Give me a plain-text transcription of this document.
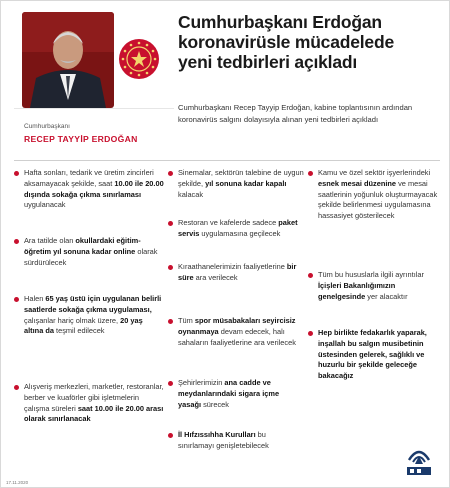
Cumhurbaşkanı Erdoğan
koronavirüsle mücadelede
yeni tedbirleri açıkladı
Cumhurbaşkanı Recep Tayyip Erdoğan, kabine toplantısının ardından koronavirüs salgını dolayısıyla alınan yeni tedbirleri açıkladı
Cumhurbaşkanı
RECEP TAYYİP ERDOĞAN
Hafta sonları, tedarik ve üretim zincirleri aksamayacak şekilde, saat 10.00 ile 20.00 dışında sokağa çıkma sınırlaması uygulanacak
Ara tatilde olan okullardaki eğitim-öğretim yıl sonuna kadar online olarak sürdürülecek
Halen 65 yaş üstü için uygulanan belirli saatlerde sokağa çıkma uygulaması, çalışanlar hariç olmak üzere, 20 yaş altına da teşmil edilecek
Alışveriş merkezleri, marketler, restoranlar, berber ve kuaförler gibi işletmelerin çalışma süreleri saat 10.00 ile 20.00 arası olarak sınırlanacak
Sinemalar, sektörün talebine de uygun şekilde, yıl sonuna kadar kapalı kalacak
Restoran ve kafelerde sadece paket servis uygulamasına geçilecek
Kıraathanelerimizin faaliyetlerine bir süre ara verilecek
Tüm spor müsabakaları seyircisiz oynanmaya devam edecek, halı sahaların faaliyetlerine ara verilecek
Şehirlerimizin ana cadde ve meydanlarındaki sigara içme yasağı sürecek
İl Hıfzıssıhha Kurulları bu sınırlamayı genişletebilecek
Kamu ve özel sektör işyerlerindeki esnek mesai düzenine ve mesai saatlerinin yoğunluk oluşturmayacak şekilde belirlenmesi uygulamasına hassasiyet gösterilecek
Tüm bu hususlarla ilgili ayrıntılar İçişleri Bakanlığımızın genelgesinde yer alacaktır
Hep birlikte fedakarlık yaparak, inşallah bu salgın musibetinin üstesinden gelerek, sağlıklı ve huzurlu bir şekilde geleceğe bakacağız
17.11.2020
